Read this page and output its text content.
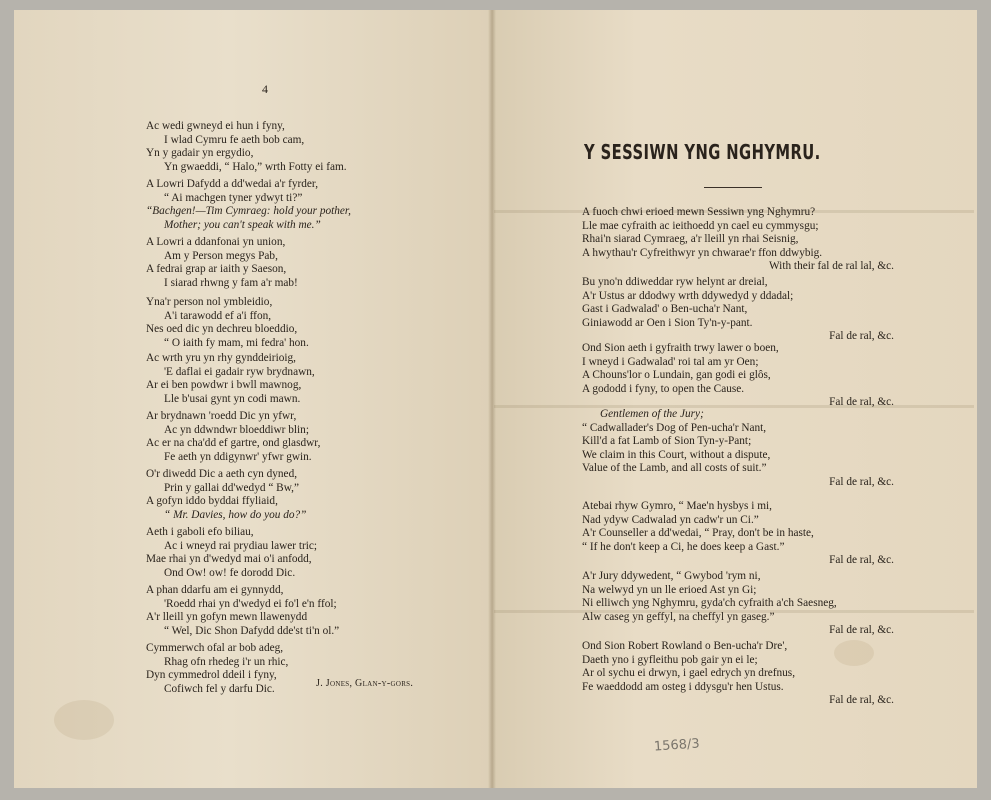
4
Ac wedi gwneyd ei hun i fyny,
I wlad Cymru fe aeth bob cam,
Yn y gadair yn ergydio,
Yn gwaeddi, “ Halo,” wrth Fotty ei fam.
A Lowri Dafydd a dd'wedai a'r fyrder,
“ Ai machgen tyner ydwyt ti?”
“Bachgen!—Tim Cymraeg: hold your pother,
Mother; you can't speak with me.”
A Lowri a ddanfonai yn union,
Am y Person megys Pab,
A fedrai grap ar iaith y Saeson,
I siarad rhwng y fam a'r mab!
Yna'r person nol ymbleidio,
A'i tarawodd ef a'i ffon,
Nes oed dic yn dechreu bloeddio,
“ O iaith fy mam, mi fedra' hon.
Ac wrth yru yn rhy gynddeirioig,
'E daflai ei gadair ryw brydnawn,
Ar ei ben powdwr i bwll mawnog,
Lle b'usai gynt yn codi mawn.
Ar brydnawn 'roedd Dic yn yfwr,
Ac yn ddwndwr bloeddiwr blin;
Ac er na cha'dd ef gartre, ond glasdwr,
Fe aeth yn ddigynwr' yfwr gwin.
O'r diwedd Dic a aeth cyn dyned,
Prin y gallai dd'wedyd “ Bw,”
A gofyn iddo byddai ffyliaid,
“ Mr. Davies, how do you do?”
Aeth i gaboli efo biliau,
Ac i wneyd rai prydiau lawer tric;
Mae rhai yn d'wedyd mai o'i anfodd,
Ond Ow! ow! fe dorodd Dic.
A phan ddarfu am ei gynnydd,
'Roedd rhai yn d'wedyd ei fo'l e'n ffol;
A'r lleill yn gofyn mewn llawenydd
“ Wel, Dic Shon Dafydd dde'st ti'n ol.”
Cymmerwch ofal ar bob adeg,
Rhag ofn rhedeg i'r un rhic,
Dyn cymmedrol ddeil i fyny,
Cofiwch fel y darfu Dic.	J. Jones, Glan-y-gors.
Y SESSIWN YNG NGHYMRU.
A fuoch chwi erioed mewn Sessiwn yng Nghymru?
Lle mae cyfraith ac ieithoedd yn cael eu cymmysgu;
Rhai'n siarad Cymraeg, a'r lleill yn rhai Seisnig,
A hwythau'r Cyfreithwyr yn chwarae'r ffon ddwybig.
With their fal de ral lal, &c.
Bu yno'n ddiweddar ryw helynt ar dreial,
A'r Ustus ar ddodwy wrth ddywedyd y ddadal;
Gast i Gadwalad' o Ben-ucha'r Nant,
Giniawodd ar Oen i Sion Ty'n-y-pant.
Fal de ral, &c.
Ond Sion aeth i gyfraith trwy lawer o boen,
I wneyd i Gadwalad' roi tal am yr Oen;
A Chouns'lor o Lundain, gan godi ei glôs,
A gododd i fyny, to open the Cause.
Fal de ral, &c.
Gentlemen of the Jury;
“ Cadwallader's Dog of Pen-ucha'r Nant,
Kill'd a fat Lamb of Sion Tyn-y-Pant;
We claim in this Court, without a dispute,
Value of the Lamb, and all costs of suit.”
Fal de ral, &c.
Atebai rhyw Gymro, “ Mae'n hysbys i mi,
Nad ydyw Cadwalad yn cadw'r un Ci.”
A'r Counseller a dd'wedai, “ Pray, don't be in haste,
“ If he don't keep a Ci, he does keep a Gast.”
Fal de ral, &c.
A'r Jury ddywedent, “ Gwybod 'rym ni,
Na welwyd yn un lle erioed Ast yn Gi;
Ni elliwch yng Nghymru, gyda'ch cyfraith a'ch Saesneg,
Alw caseg yn geffyl, na cheffyl yn gaseg.”
Fal de ral, &c.
Ond Sion Robert Rowland o Ben-ucha'r Dre',
Daeth yno i gyfleithu pob gair yn ei le;
Ar ol sychu ei drwyn, i gael edrych yn drefnus,
Fe waeddodd am osteg i ddysgu'r hen Ustus.
Fal de ral, &c.
1568/3
